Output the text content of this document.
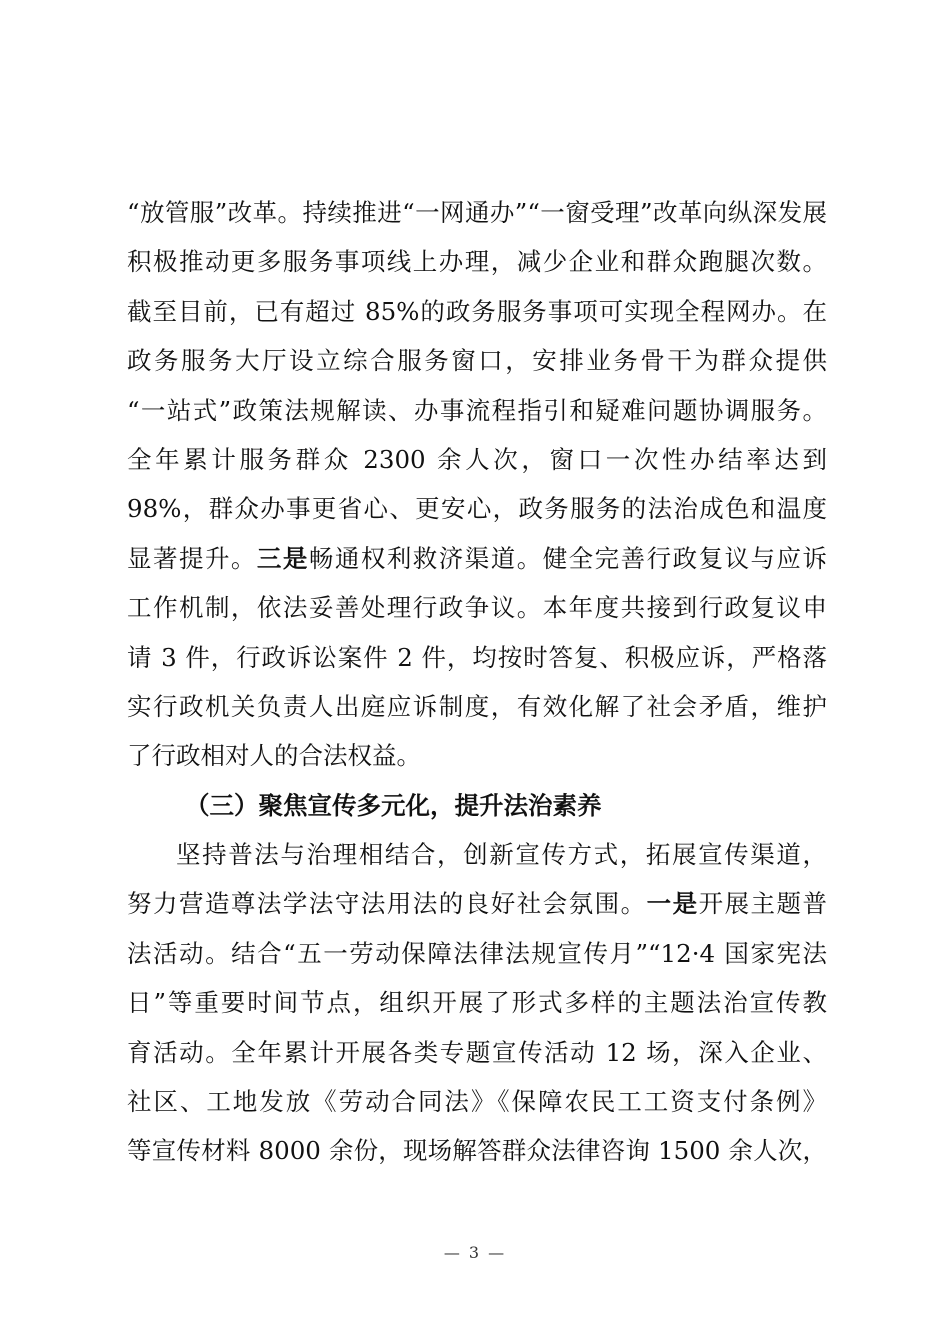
“放管服”改革。持续推进“一网通办”“一窗受理”改革向纵深发展
积极推动更多服务事项线上办理，减少企业和群众跑腿次数。
截至目前，已有超过 85%的政务服务事项可实现全程网办。在
政务服务大厅设立综合服务窗口，安排业务骨干为群众提供
“一站式”政策法规解读、办事流程指引和疑难问题协调服务。
全年累计服务群众 2300 余人次，窗口一次性办结率达到
98%，群众办事更省心、更安心，政务服务的法治成色和温度
显著提升。三是畅通权利救济渠道。健全完善行政复议与应诉
工作机制，依法妥善处理行政争议。本年度共接到行政复议申
请 3 件，行政诉讼案件 2 件，均按时答复、积极应诉，严格落
实行政机关负责人出庭应诉制度，有效化解了社会矛盾，维护
了行政相对人的合法权益。
（三）聚焦宣传多元化，提升法治素养
坚持普法与治理相结合，创新宣传方式，拓展宣传渠道，
努力营造尊法学法守法用法的良好社会氛围。一是开展主题普
法活动。结合“五一劳动保障法律法规宣传月”“12·4 国家宪法
日”等重要时间节点，组织开展了形式多样的主题法治宣传教
育活动。全年累计开展各类专题宣传活动 12 场，深入企业、
社区、工地发放《劳动合同法》《保障农民工工资支付条例》
等宣传材料 8000 余份，现场解答群众法律咨询 1500 余人次，
— 3 —
